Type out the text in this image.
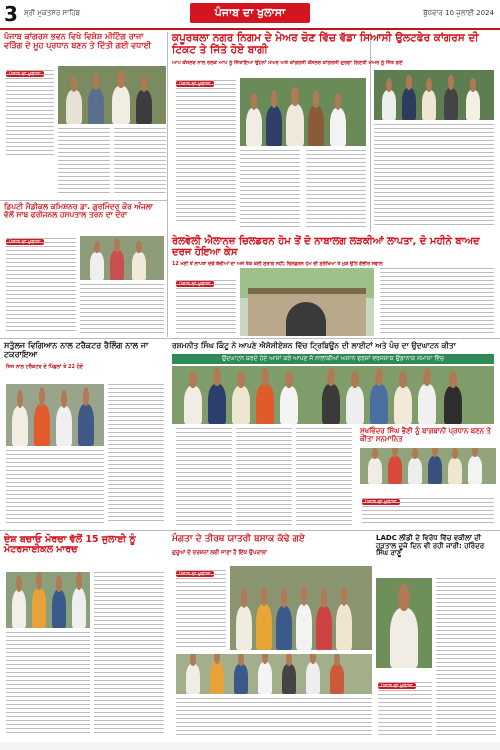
3 ਸ਼੍ਰੀ ਮੁਕਤਸਰ ਸਾਹਿਬ	ਪੰਜਾਬ ਦਾ ਖੁਲਾਸਾ	ਬੁੱਧਵਾਰ 10 ਜੁਲਾਈ 2024
ਪੰਜਾਬ ਕਾਂਗਰਸ ਭਵਨ ਵਿਖੇ ਵਿਸ਼ੇਸ਼ ਮੀਟਿੰਗ ਰਾਜਾ ਵੜਿੰਗ ਦੇ ਮੂਹ ਪ੍ਰਧਾਨ ਬਣਨ ਤੇ ਦਿੱਤੀ ਗਈ ਵਧਾਈ
ਕਪੂਰਥਲਾ ਨਗਰ ਨਿਗਮ ਦੇ ਮੇਅਰ ਚੋਣ ਵਿੱਚ ਵੱਡਾ ਸਿਆਸੀ ਉਲਟਫੇਰ ਕਾਂਗਰਸ ਦੀ ਟਿਕਟ ਤੇ ਜਿੱਤੇ ਹੋਏ ਬਾਗੀ
ਆਪ ਕੌਂਸਲਰ ਨਾਲ ਰਲਕੇ ਆਪ ਨੂੰ ਜਿੱਤਾਇਆ ਉਹਨਾਂ ਮੇਅਰ ਅਤੇ ਕਾਂਗਰਸੀ ਕੌਂਸਲਰ ਕਾਂਗਰਸੀ ਦੁਰਗਾ ਗਿਣਤੀ ਮੇਅਰ ਨੂੰ ਜਿੱਤ ਗਏ
ਡਿਪਟੀ ਮੈਡੀਕਲ ਕਮਿਸ਼ਨਰ ਡਾ. ਗੁਰਮਿੰਦਰ ਕੌਰ ਅੰਜਲਾ ਵੱਲੋਂ ਸਾਬ ਫਰੀਜਨਲ ਹਸਪਤਾਲ ਤਰਨ ਦਾ ਦੌਰਾ
ਰੇਲਵੇਲੀ ਐਲਾਨਜ਼ ਚਿਲਡਰਨ ਹੋਮ ਤੋਂ ਦੋ ਨਾਬਾਲਗ ਲੜਕੀਆਂ ਲਾਪਤਾ, ਦੋ ਮਹੀਨੇ ਬਾਅਦ ਦਰਜ ਹੋਇਆ ਕੇਸ
12 ਮਈ ਤੋਂ ਲਾਪਤਾ ਦੋਵੇਂ ਬੱਚੀਆਂ ਦਾ ਅਜੇ ਤੱਕ ਕੋਈ ਸੁਰਾਗ ਨਹੀਂ; ਚਿਲਡਰਨ ਹੋਮ ਦੀ ਸੁਰੱਖਿਆ ਤੇ ਮੁੜ ਉੱਠੇ ਗੰਭੀਰ ਸਵਾਲ
ਸਤੁੱਲਜ ਵਿਗਿਆਨ ਨਾਲ ਟਰੈਕਟਰ ਰੈਲਿੰਗ ਨਾਲ ਜਾ ਟਕਰਾਇਆ
ਜਿਸ ਨਾਲ ਟਰੈਕਟਰ ਦੇ ਪਿੱਛਲਾਂ ਤੇ 22 ਹੋਏ
ਰਸ਼ਮਨੀਤ ਸਿੰਘ ਕਿੰਟੂ ਨੇ ਆਪਣੇ ਐਸੋਸੀਏਸ਼ਨ ਵਿੱਚ ਟ੍ਰਿਬਿਊਨ ਦੀ ਲਾਈਟਾਂ ਅਤੇ ਪੰਚ ਦਾ ਉਦਘਾਟਨ ਕੀਤਾ
ਉਦਘਾਟਨ ਕਰਦੇ ਹੋਏ ਆਸਾਂ ਕਰੇ ਆਪਣ ਜੋ ਨਾਲਾਂਕੀਆਂ ਅਸਾਨ ਫਰਸ਼ਾਂ ਵਰਸਸਾਕ ਉਡਾਨਾਕ ਸਮਾਸਾ ਵਿੱਚ
ਸੁਖਵਿੰਦਰ ਸਿੰਘ ਭੈਣੀ ਨੂੰ ਬਾਗਬਾਨੀ ਪ੍ਰਧਾਨ ਬਣਨ ਤੇ ਕੀਤਾ ਸਨਮਾਨਿਤ
ਦੇਸ਼ ਬਚਾਓ ਮੋਰਚਾ ਵੱਲੋਂ 15 ਜੁਲਾਈ ਨੂੰ ਮੋਟਰਸਾਈਕਲ ਮਾਰਚ
ਮੰਗਤਾ ਦੇ ਤੀਰਥ ਯਾਤਰੀ ਬਸਾਕ ਕੱਢੇ ਗਏ
ਗੁਰੂਆਂ ਦੇ ਦਰਸ਼ਨਾਂ ਲਈ ਜਾਣਾ ਹੈ ਇੱਕ ਉਪਰਾਲਾ
LADC ਲੀਡੀ ਦੇ ਵਿਰੋਧ ਵਿੱਚ ਵਕੀਲਾਂ ਦੀ ਹੜਤਾਲ ਦੂਜੇ ਦਿਨ ਵੀ ਰਹੀ ਜਾਰੀ: ਹਰਿੰਦਰ ਸਿੰਘ ਰਾਣੂ
